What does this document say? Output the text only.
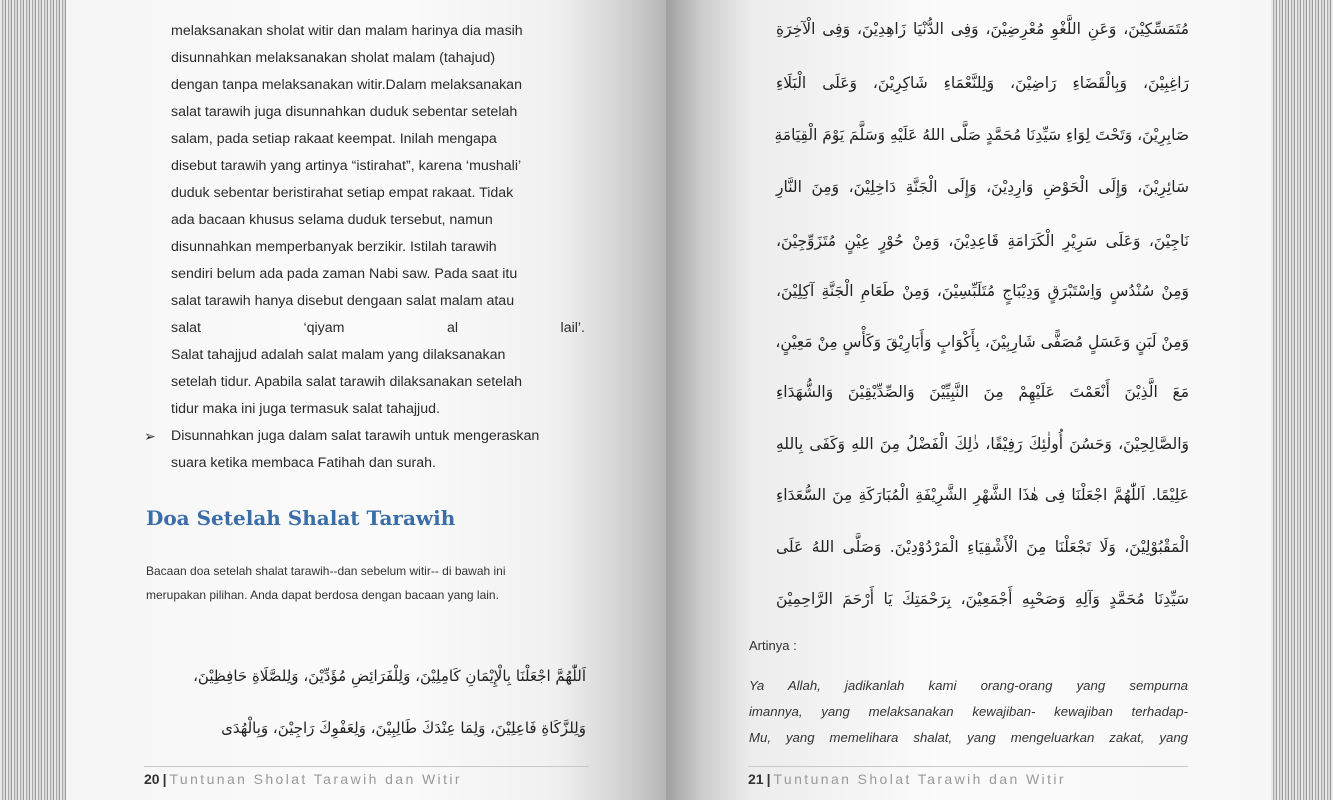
melaksanakan sholat witir dan malam harinya dia masih

disunnahkan melaksanakan sholat malam (tahajud)

dengan tanpa melaksanakan witir.Dalam melaksanakan

salat tarawih juga disunnahkan duduk sebentar setelah

salam, pada setiap rakaat keempat. Inilah mengapa

disebut tarawih yang artinya “istirahat”, karena ‘mushali’

duduk sebentar beristirahat setiap empat rakaat. Tidak

ada bacaan khusus selama duduk tersebut, namun

disunnahkan memperbanyak berzikir. Istilah tarawih

sendiri belum ada pada zaman Nabi saw. Pada saat itu

salat tarawih hanya disebut dengaan salat malam atau

salat ‘qiyam al lail’.

Salat tahajjud adalah salat malam yang dilaksanakan

setelah tidur. Apabila salat tarawih dilaksanakan setelah

tidur maka ini juga termasuk salat tahajjud.

➢ Disunnahkan juga dalam salat tarawih untuk mengeraskan

suara ketika membaca Fatihah dan surah.

Doa Setelah Shalat Tarawih
Bacaan doa setelah shalat tarawih--dan sebelum witir-- di bawah ini
merupakan pilihan. Anda dapat berdosa dengan bacaan yang lain.
اَللّٰهُمَّ اجْعَلْنَا بِالْإِيْمَانِ كَامِلِيْنَ، وَلِلْفَرَائِضِ مُؤَدِّيْنَ، وَلِلصَّلَاةِ حَافِظِيْنَ،
وَلِلزَّكَاةِ فَاعِلِيْنَ، وَلِمَا عِنْدَكَ طَالِبِيْنَ، وَلِعَفْوِكَ رَاجِيْنَ، وَبِالْهُدَى
20 | Tuntunan Sholat Tarawih dan Witir
مُتَمَسِّكِيْنَ، وَعَنِ اللَّغْوِ مُعْرِضِيْنَ، وَفِى الدُّنْيَا زَاهِدِيْنَ، وَفِى الْآخِرَةِ
رَاغِبِيْنَ، وَبِالْقَضَاءِ رَاضِيْنَ، وَلِلنَّعْمَاءِ شَاكِرِيْنَ، وَعَلَى الْبَلَاءِ
صَابِرِيْنَ، وَتَحْتَ لِوَاءِ سَيِّدِنَا مُحَمَّدٍ صَلَّى اللهُ عَلَيْهِ وَسَلَّمَ يَوْمَ الْقِيَامَةِ
سَائِرِيْنَ، وَإِلَى الْحَوْضِ وَارِدِيْنَ، وَإِلَى الْجَنَّةِ دَاخِلِيْنَ، وَمِنَ النَّارِ
نَاجِيْنَ، وَعَلَى سَرِيْرِ الْكَرَامَةِ قَاعِدِيْنَ، وَمِنْ حُوْرٍ عِيْنٍ مُتَزَوِّجِيْنَ،
وَمِنْ سُنْدُسٍ وَاِسْتَبْرَقٍ وَدِيْبَاجٍ مُتَلَبِّسِيْنَ، وَمِنْ طَعَامِ الْجَنَّةِ آكِلِيْنَ،
وَمِنْ لَبَنٍ وَعَسَلٍ مُصَفًّى شَارِبِيْنَ، بِأَكْوَابٍ وَأَبَارِيْقَ وَكَأْسٍ مِنْ مَعِيْنٍ،
مَعَ الَّذِيْنَ أَنْعَمْتَ عَلَيْهِمْ مِنَ النَّبِيِّيْنَ وَالصِّدِّيْقِيْنَ وَالشُّهَدَاءِ
وَالصَّالِحِيْنَ، وَحَسُنَ أُولٰئِكَ رَفِيْقًا، ذٰلِكَ الْفَضْلُ مِنَ اللهِ وَكَفَى بِاللهِ
عَلِيْمًا. اَللّٰهُمَّ اجْعَلْنَا فِى هٰذَا الشَّهْرِ الشَّرِيْفَةِ الْمُبَارَكَةِ مِنَ السُّعَدَاءِ
الْمَقْبُوْلِيْنَ، وَلَا تَجْعَلْنَا مِنَ الْأَشْقِيَاءِ الْمَرْدُوْدِيْنَ. وَصَلَّى اللهُ عَلَى
سَيِّدِنَا مُحَمَّدٍ وَآلِهِ وَصَحْبِهِ أَجْمَعِيْنَ، بِرَحْمَتِكَ يَا أَرْحَمَ الرَّاحِمِيْنَ
Artinya :
Ya Allah, jadikanlah kami orang-orang yang sempurna
imannya, yang melaksanakan kewajiban- kewajiban terhadap-
Mu, yang memelihara shalat, yang mengeluarkan zakat, yang
21 | Tuntunan Sholat Tarawih dan Witir
